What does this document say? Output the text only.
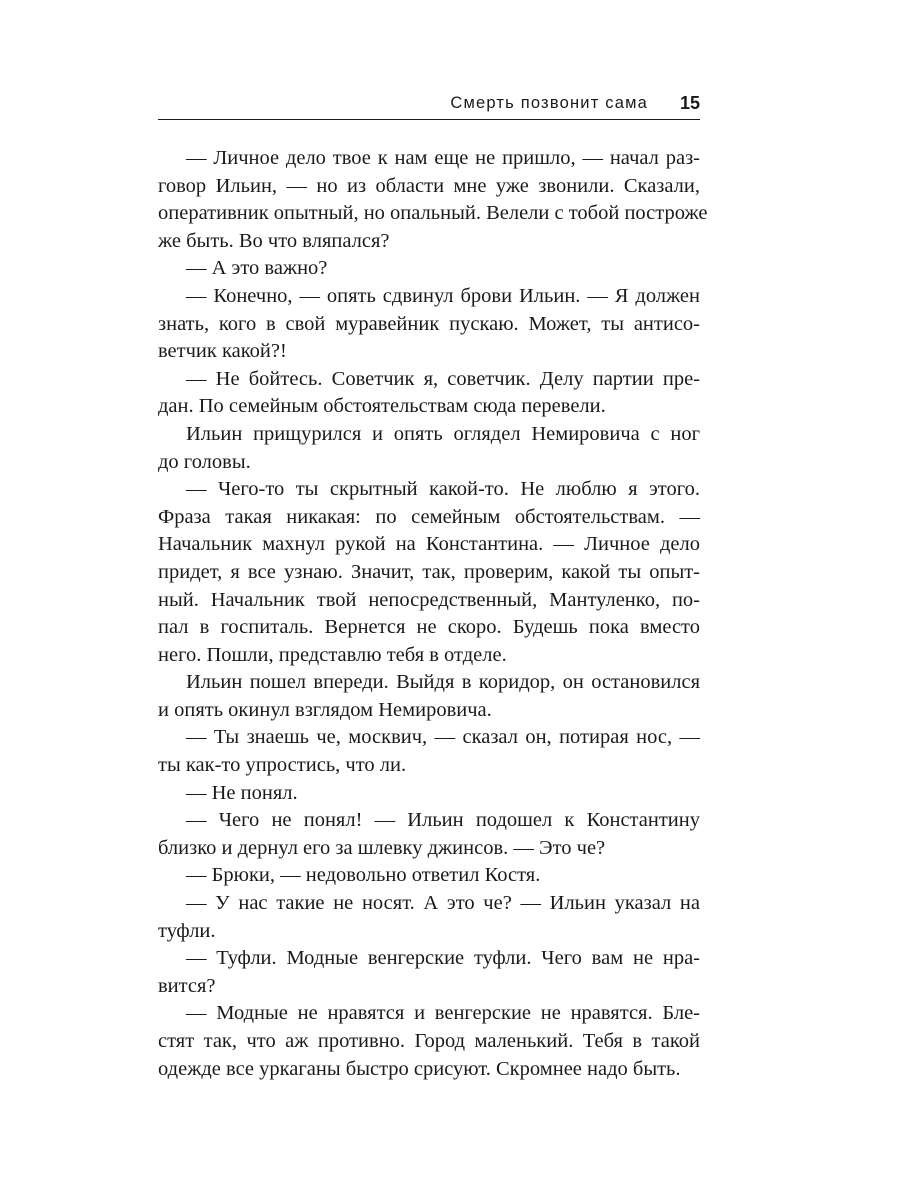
Смерть позвонит сама 15
— Личное дело твое к нам еще не пришло, — начал раз-
говор Ильин, — но из области мне уже звонили. Сказали,
оперативник опытный, но опальный. Велели с тобой построже
же быть. Во что вляпался?
— А это важно?
— Конечно, — опять сдвинул брови Ильин. — Я должен
знать, кого в свой муравейник пускаю. Может, ты антисо-
ветчик какой?!
— Не бойтесь. Советчик я, советчик. Делу партии пре-
дан. По семейным обстоятельствам сюда перевели.
Ильин прищурился и опять оглядел Немировича с ног
до головы.
— Чего-то ты скрытный какой-то. Не люблю я этого.
Фраза такая никакая: по семейным обстоятельствам. —
Начальник махнул рукой на Константина. — Личное дело
придет, я все узнаю. Значит, так, проверим, какой ты опыт-
ный. Начальник твой непосредственный, Мантуленко, по-
пал в госпиталь. Вернется не скоро. Будешь пока вместо
него. Пошли, представлю тебя в отделе.
Ильин пошел впереди. Выйдя в коридор, он остановился
и опять окинул взглядом Немировича.
— Ты знаешь че, москвич, — сказал он, потирая нос, —
ты как-то упростись, что ли.
— Не понял.
— Чего не понял! — Ильин подошел к Константину
близко и дернул его за шлевку джинсов. — Это че?
— Брюки, — недовольно ответил Костя.
— У нас такие не носят. А это че? — Ильин указал на
туфли.
— Туфли. Модные венгерские туфли. Чего вам не нра-
вится?
— Модные не нравятся и венгерские не нравятся. Бле-
стят так, что аж противно. Город маленький. Тебя в такой
одежде все уркаганы быстро срисуют. Скромнее надо быть.
